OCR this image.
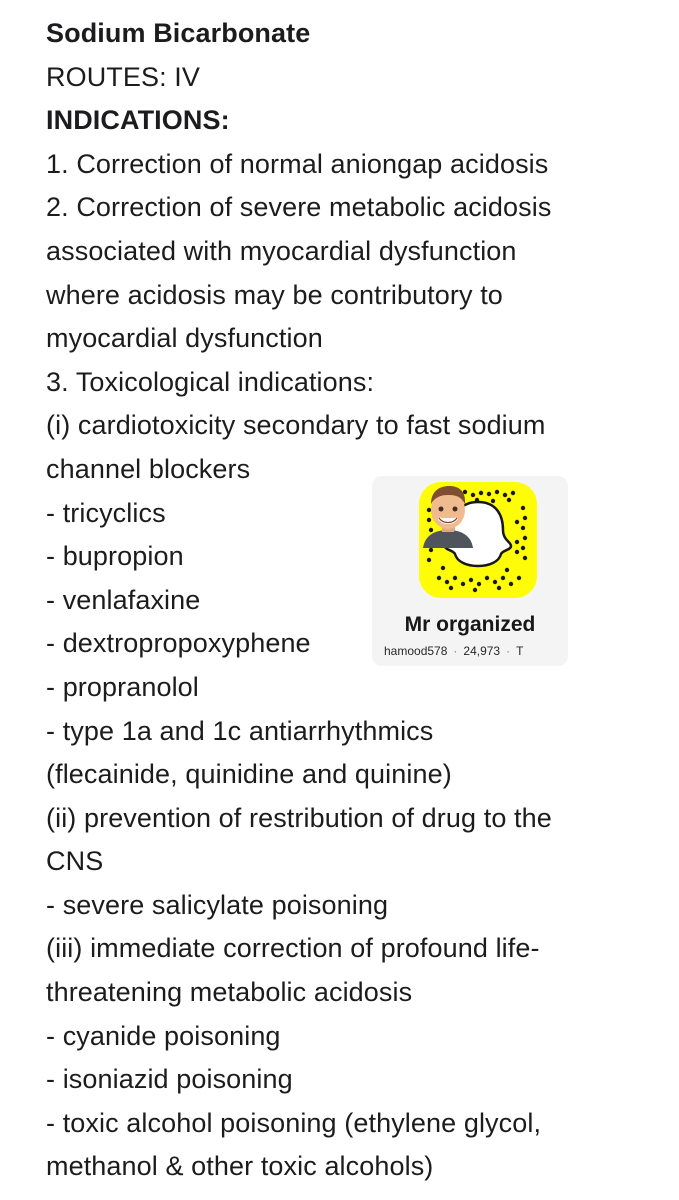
Sodium Bicarbonate
ROUTES: IV
INDICATIONS:
1. Correction of normal aniongap acidosis
2. Correction of severe metabolic acidosis
associated with myocardial dysfunction
where acidosis may be contributory to
myocardial dysfunction
3. Toxicological indications:
(i) cardiotoxicity secondary to fast sodium
channel blockers
- tricyclics
- bupropion
- venlafaxine
- dextropropoxyphene
- propranolol
- type 1a and 1c antiarrhythmics
(flecainide, quinidine and quinine)
(ii) prevention of restribution of drug to the
CNS
- severe salicylate poisoning
(iii) immediate correction of profound life-
threatening metabolic acidosis
- cyanide poisoning
- isoniazid poisoning
- toxic alcohol poisoning (ethylene glycol,
methanol & other toxic alcohols)
Mr organized
hamood578 · 24,973 · T
